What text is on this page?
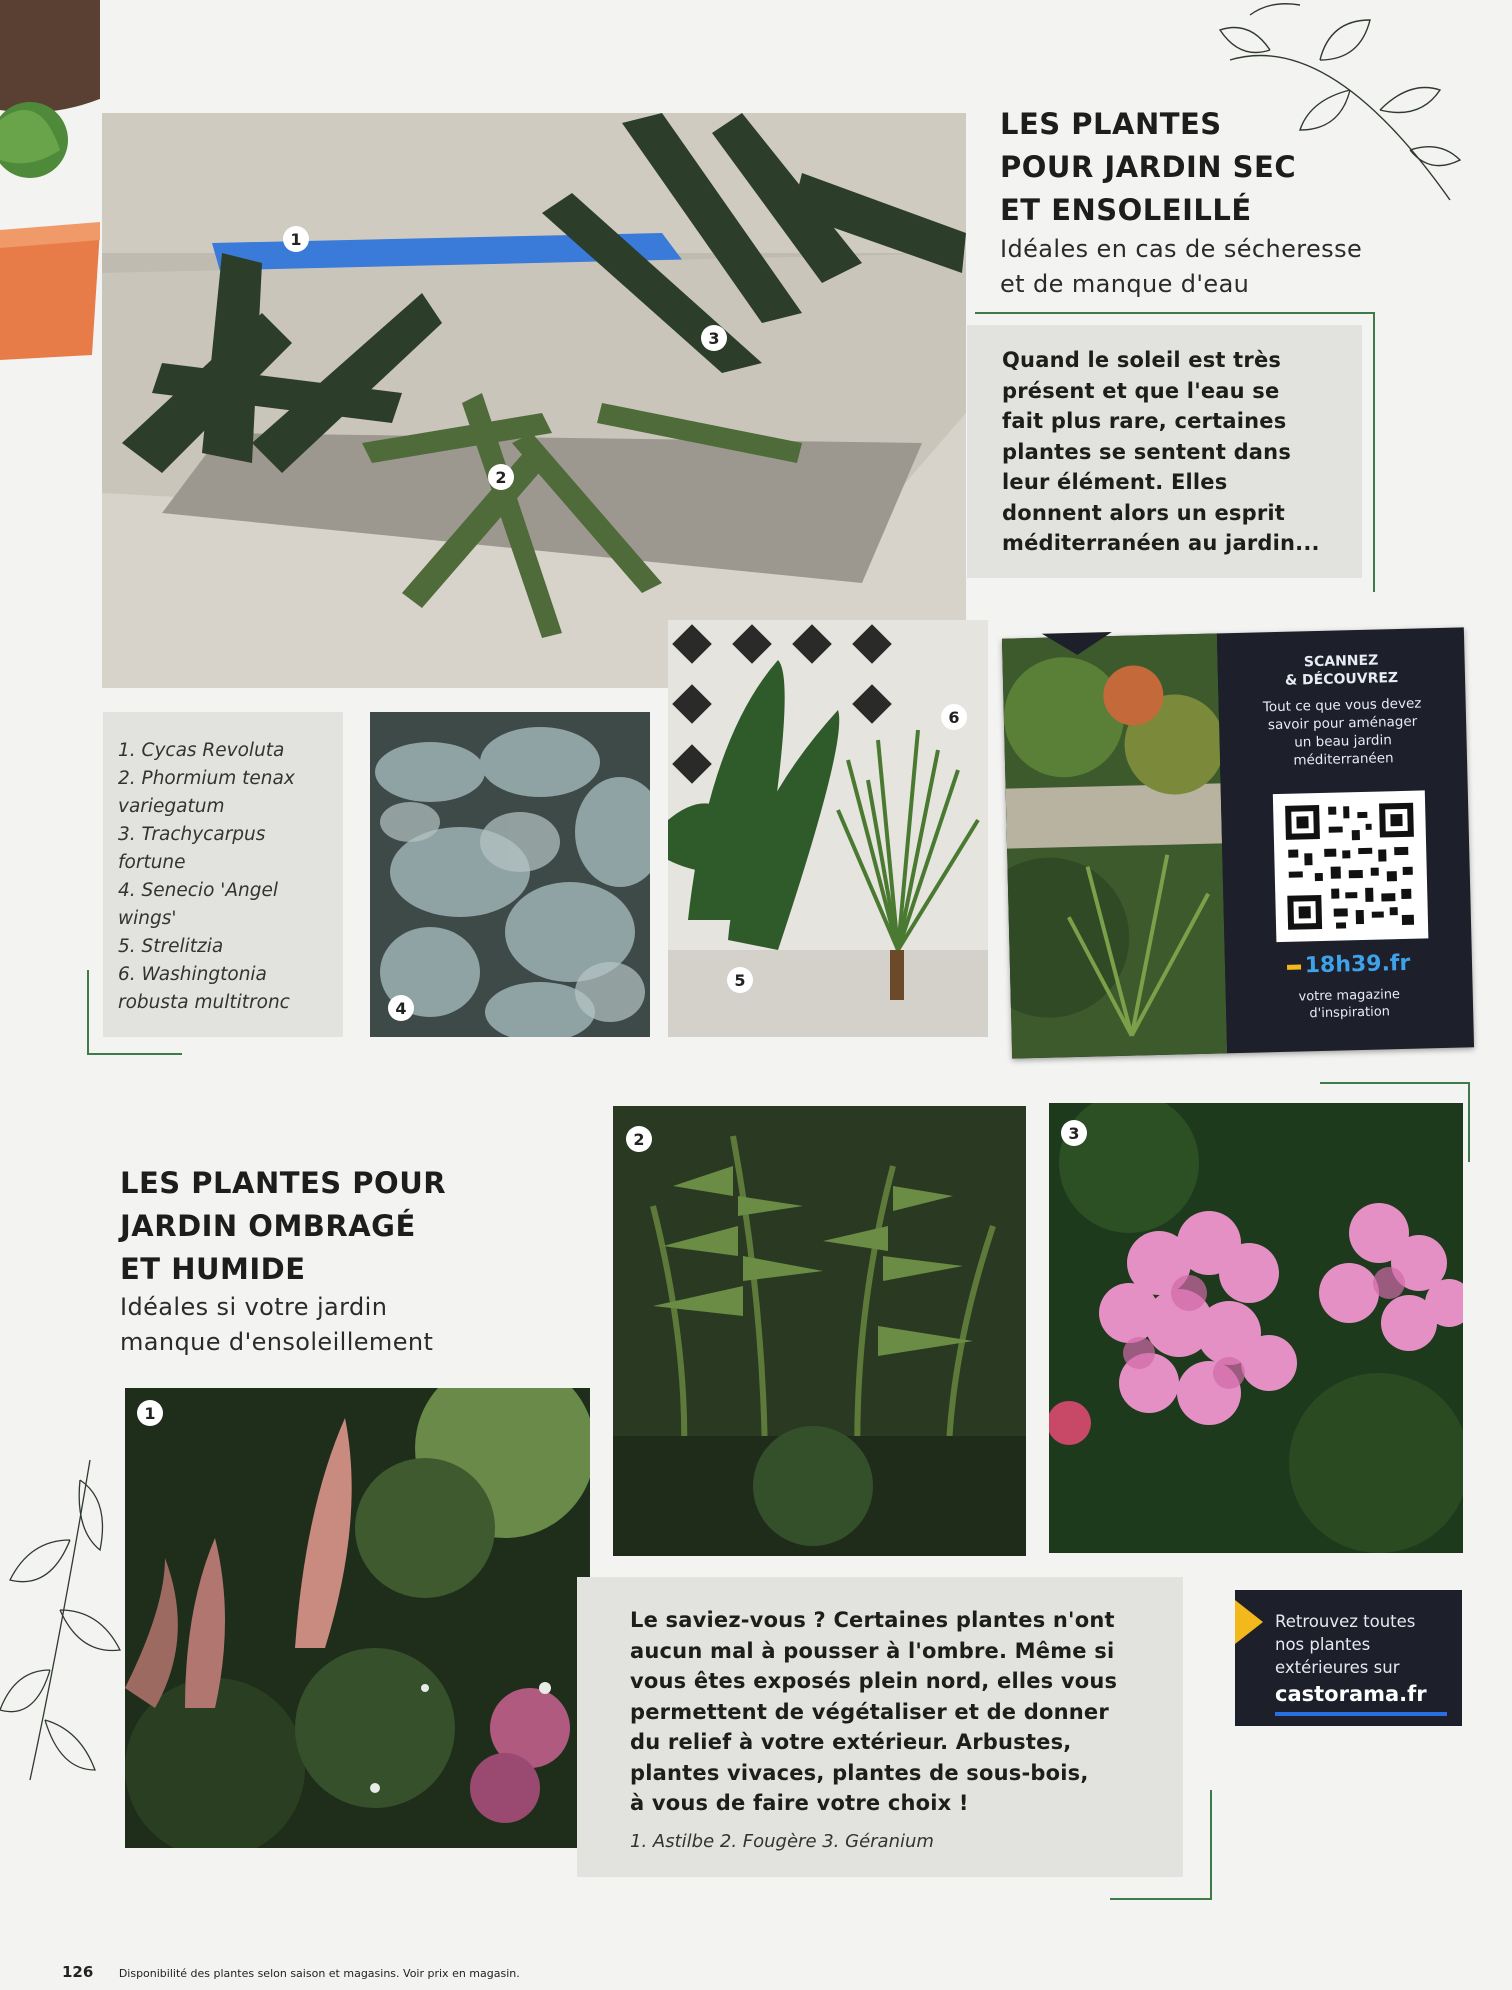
1
2
3
LES PLANTES
POUR JARDIN SEC
ET ENSOLEILLÉ
Idéales en cas de sécheresse
et de manque d'eau
Quand le soleil est très
présent et que l'eau se
fait plus rare, certaines
plantes se sentent dans
leur élément. Elles
donnent alors un esprit
méditerranéen au jardin...
1. Cycas Revoluta
2. Phormium tenax
variegatum
3. Trachycarpus
fortune
4. Senecio 'Angel
wings'
5. Strelitzia
6. Washingtonia
robusta multitronc	4
5
6
SCANNEZ
& DÉCOUVREZ
Tout ce que vous devez
savoir pour aménager
un beau jardin
méditerranéen
18h39.fr
votre magazine
d'inspiration
LES PLANTES POUR
JARDIN OMBRAGÉ
ET HUMIDE
Idéales si votre jardin
manque d'ensoleillement
1
2	3
Le saviez-vous ? Certaines plantes n'ont
aucun mal à pousser à l'ombre. Même si
vous êtes exposés plein nord, elles vous
permettent de végétaliser et de donner
du relief à votre extérieur. Arbustes,
plantes vivaces, plantes de sous-bois,
à vous de faire votre choix !
1. Astilbe 2. Fougère 3. Géranium
Retrouvez toutes
nos plantes
extérieures sur
castorama.fr
126 Disponibilité des plantes selon saison et magasins. Voir prix en magasin.
